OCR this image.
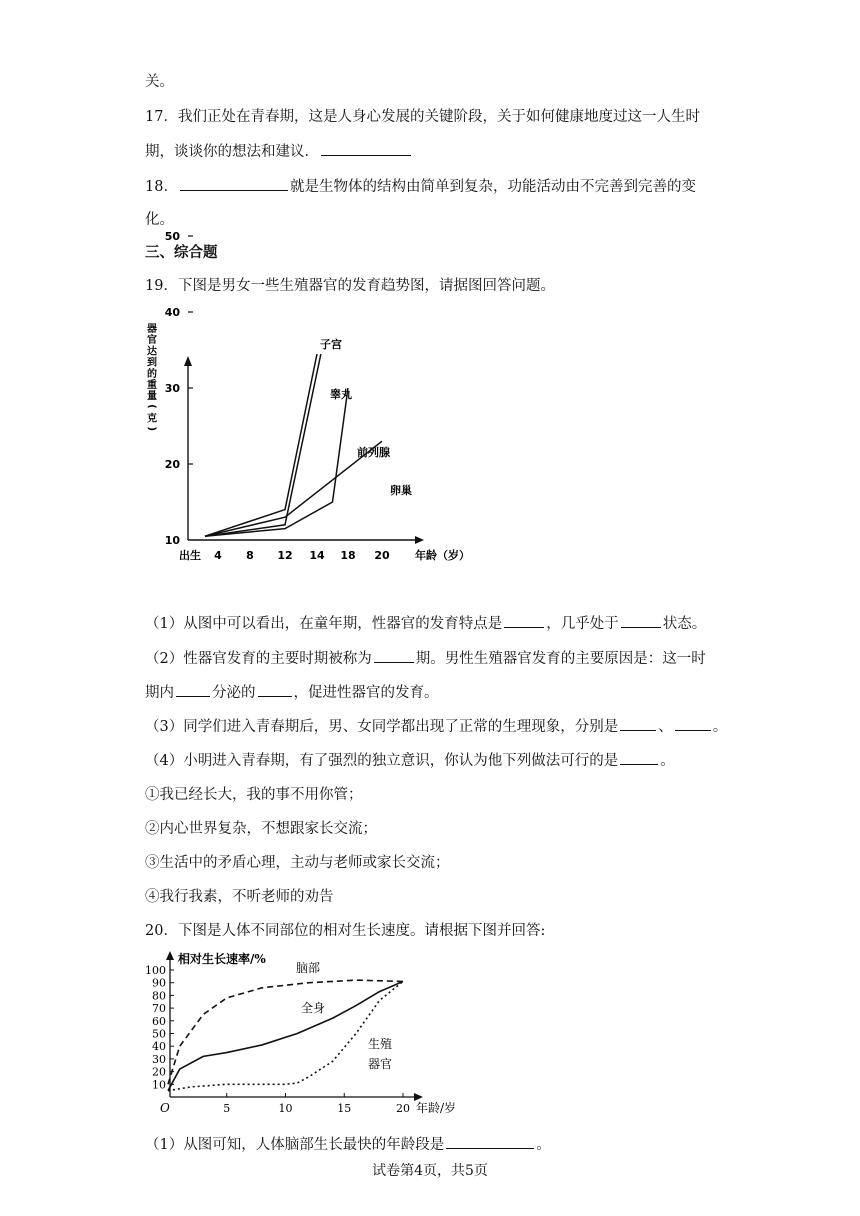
关。
17．我们正处在青春期，这是人身心发展的关键阶段，关于如何健康地度过这一人生时
期，谈谈你的想法和建议．
18．	就是生物体的结构由简单到复杂，功能活动由不完善到完善的变
化。
三、综合题
19．下图是男女一些生殖器官的发育趋势图，请据图回答问题。
10
20
30
40
50
出生 4 8 12 14 18 20 年龄（岁）
器
官
达
到
的
重
量
(
克
)
子宫
睾丸
前列腺
卵巢
（1）从图中可以看出，在童年期，性器官的发育特点是	，几乎处于	状态。
（2）性器官发育的主要时期被称为	期。男性生殖器官发育的主要原因是：这一时
期内	分泌的	，促进性器官的发育。
（3）同学们进入青春期后，男、女同学都出现了正常的生理现象，分别是	、	。
（4）小明进入青春期，有了强烈的独立意识，你认为他下列做法可行的是	。
①我已经长大，我的事不用你管；
②内心世界复杂，不想跟家长交流；
③生活中的矛盾心理，主动与老师或家长交流；
④我行我素，不听老师的劝告
20．下图是人体不同部位的相对生长速度。请根据下图并回答:
10
20
30
40
50
60
70
80
90
100
O	5	10	15	20
相对生长速率/%
年龄/岁
脑部
全身
生殖
器官
（1）从图可知，人体脑部生长最快的年龄段是	。
试卷第4页，共5页
